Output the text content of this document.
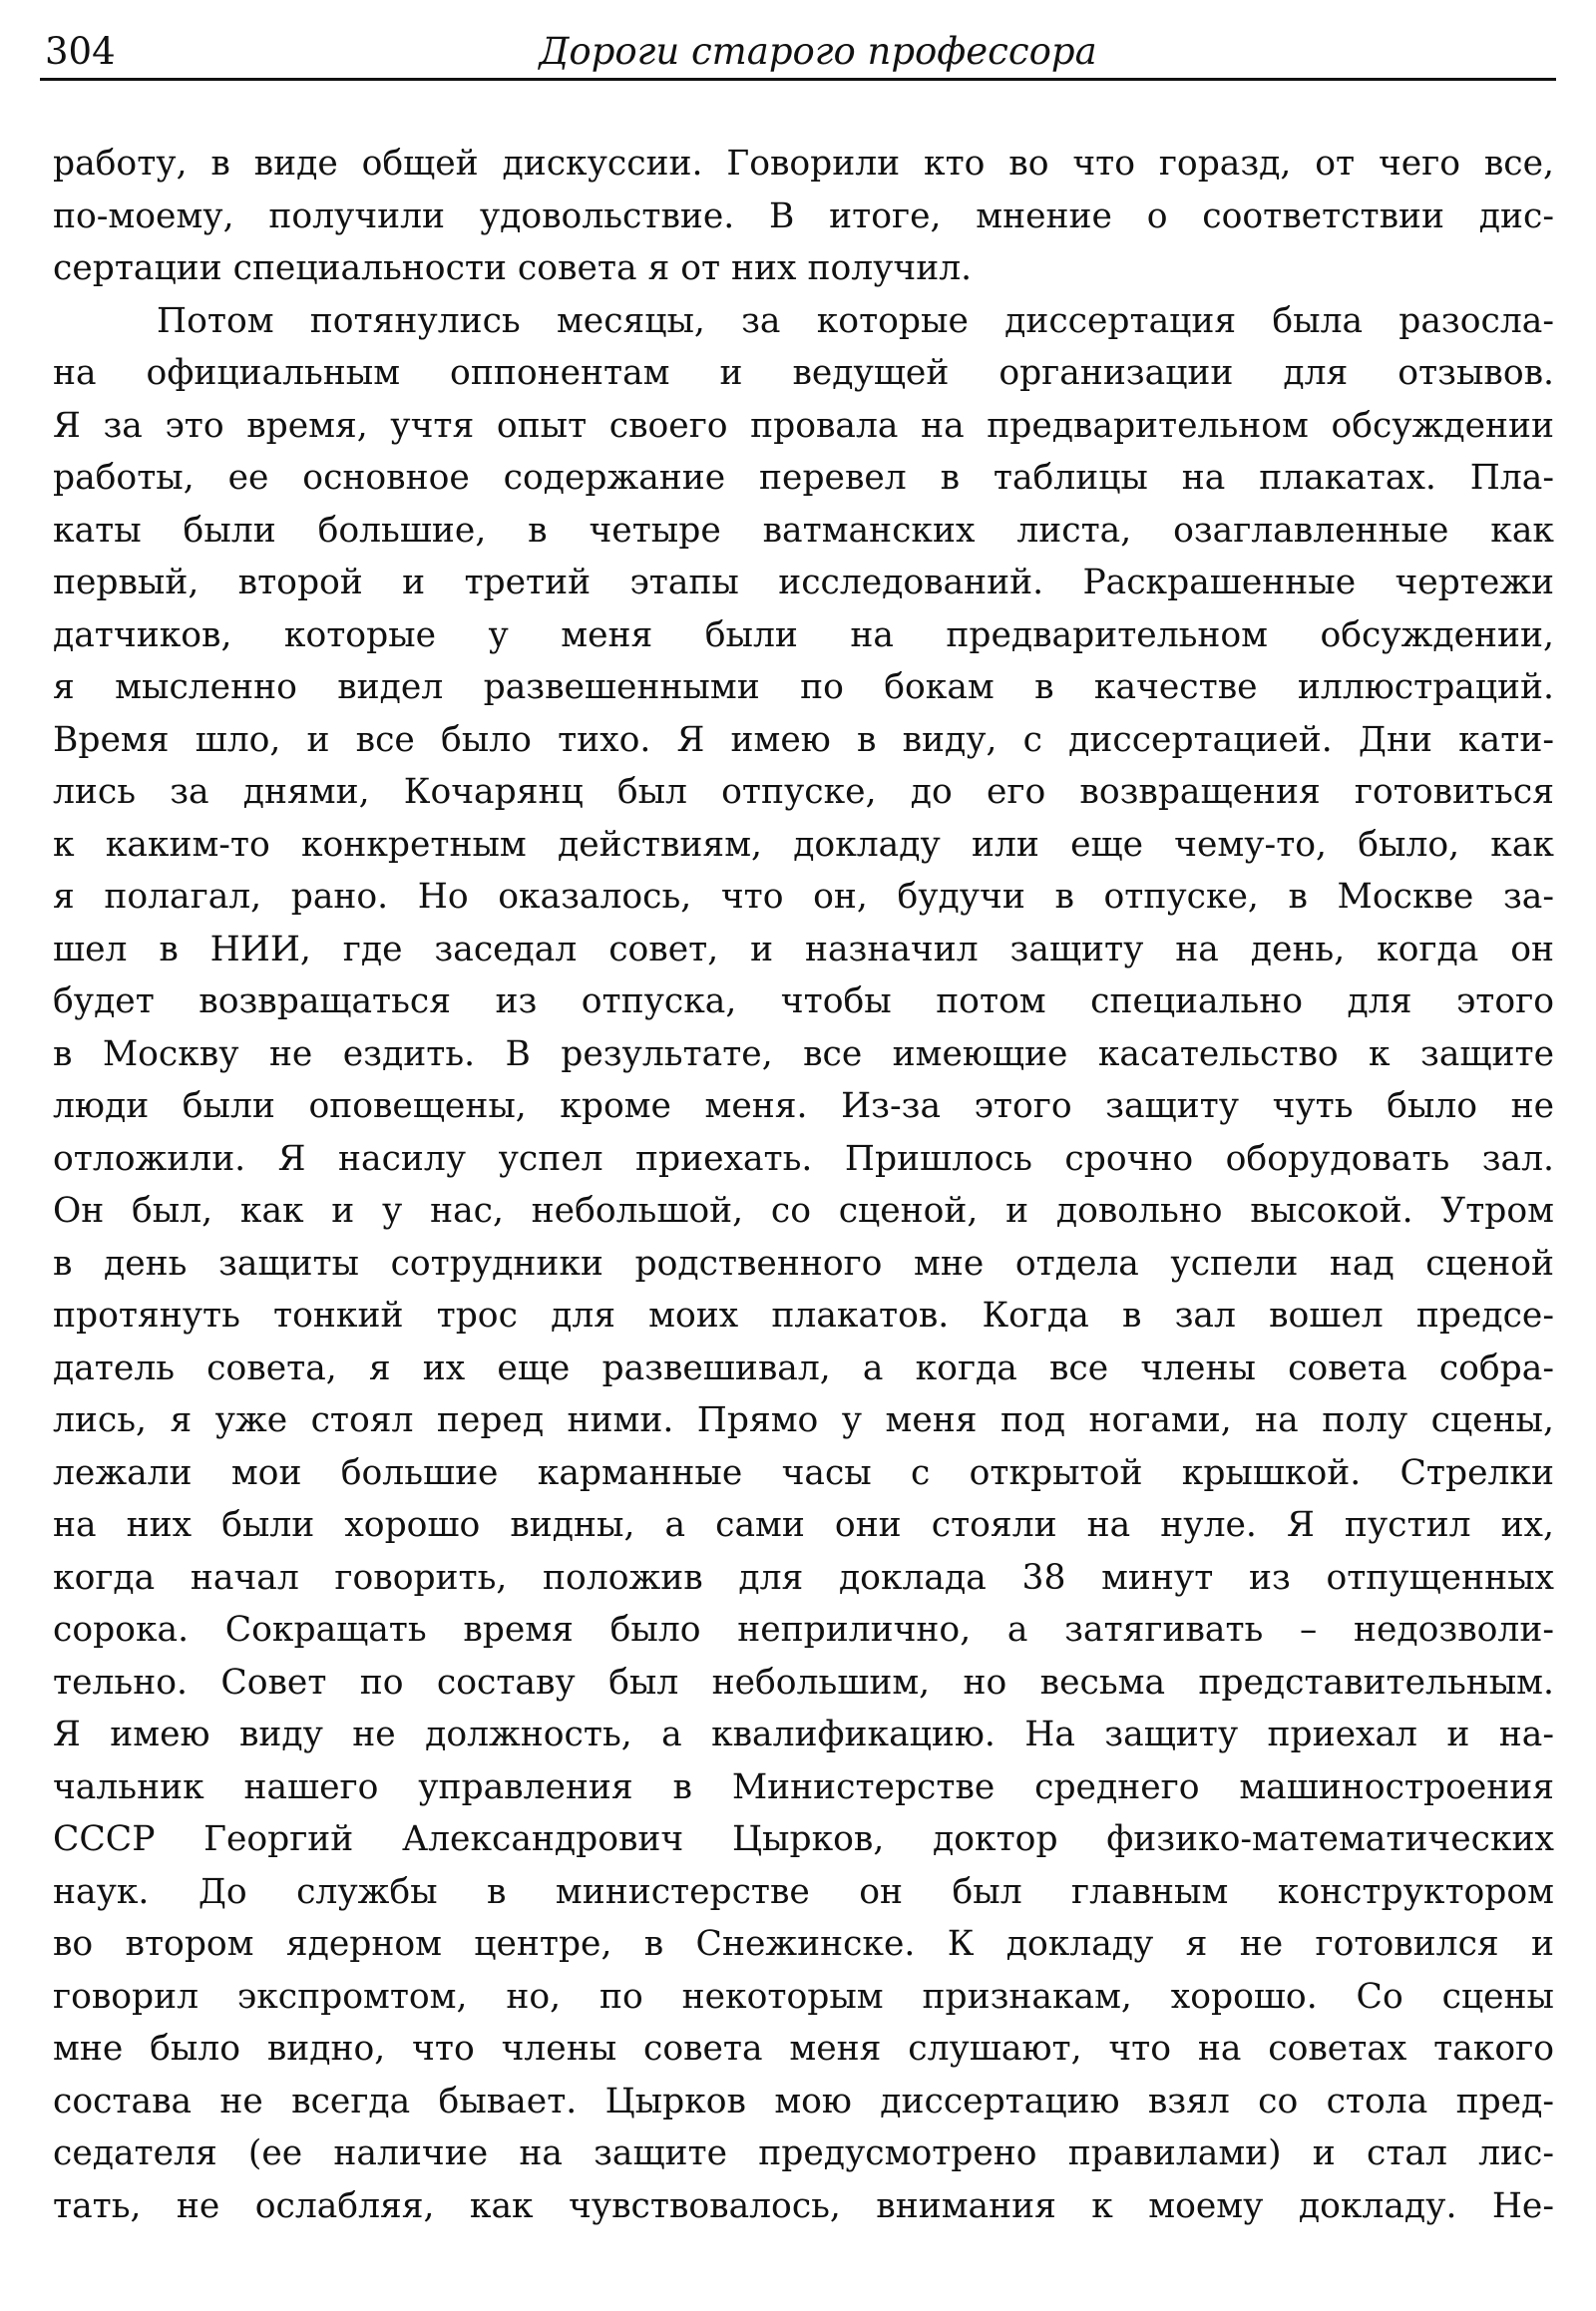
304	Дороги старого профессора

работу, в виде общей дискуссии. Говорили кто во что горазд, от чего все,

по-моему, получили удовольствие. В итоге, мнение о соответствии дис-

сертации специальности совета я от них получил.

Потом потянулись месяцы, за которые диссертация была разосла-

на официальным оппонентам и ведущей организации для отзывов.

Я за это время, учтя опыт своего провала на предварительном обсуждении

работы, ее основное содержание перевел в таблицы на плакатах. Пла-

каты были большие, в четыре ватманских листа, озаглавленные как

первый, второй и третий этапы исследований. Раскрашенные чертежи

датчиков, которые у меня были на предварительном обсуждении,

я мысленно видел развешенными по бокам в качестве иллюстраций.

Время шло, и все было тихо. Я имею в виду, с диссертацией. Дни кати-

лись за днями, Кочарянц был отпуске, до его возвращения готовиться

к каким-то конкретным действиям, докладу или еще чему-то, было, как

я полагал, рано. Но оказалось, что он, будучи в отпуске, в Москве за-

шел в НИИ, где заседал совет, и назначил защиту на день, когда он

будет возвращаться из отпуска, чтобы потом специально для этого

в Москву не ездить. В результате, все имеющие касательство к защите

люди были оповещены, кроме меня. Из-за этого защиту чуть было не

отложили. Я насилу успел приехать. Пришлось срочно оборудовать зал.

Он был, как и у нас, небольшой, со сценой, и довольно высокой. Утром

в день защиты сотрудники родственного мне отдела успели над сценой

протянуть тонкий трос для моих плакатов. Когда в зал вошел предсе-

датель совета, я их еще развешивал, а когда все члены совета собра-

лись, я уже стоял перед ними. Прямо у меня под ногами, на полу сцены,

лежали мои большие карманные часы с открытой крышкой. Стрелки

на них были хорошо видны, а сами они стояли на нуле. Я пустил их,

когда начал говорить, положив для доклада 38 минут из отпущенных

сорока. Сокращать время было неприлично, а затягивать – недозволи-

тельно. Совет по составу был небольшим, но весьма представительным.

Я имею виду не должность, а квалификацию. На защиту приехал и на-

чальник нашего управления в Министерстве среднего машиностроения

СССР Георгий Александрович Цырков, доктор физико-математических

наук. До службы в министерстве он был главным конструктором

во втором ядерном центре, в Снежинске. К докладу я не готовился и

говорил экспромтом, но, по некоторым признакам, хорошо. Со сцены

мне было видно, что члены совета меня слушают, что на советах такого

состава не всегда бывает. Цырков мою диссертацию взял со стола пред-

седателя (ее наличие на защите предусмотрено правилами) и стал лис-

тать, не ослабляя, как чувствовалось, внимания к моему докладу. Не-
